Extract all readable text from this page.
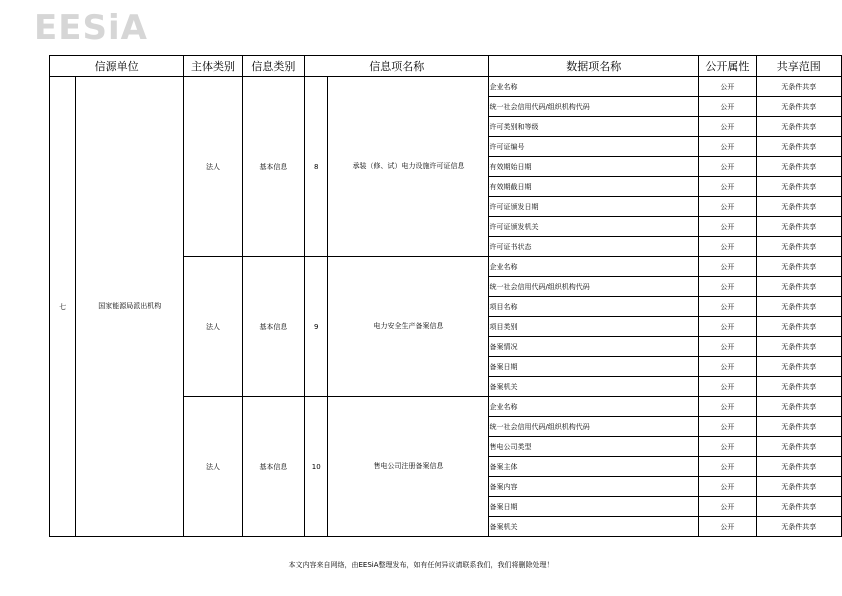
EESiA
信源单位		主体类别	信息类别	信息项名称		数据项名称	公开属性	共享范围
七	国家能源局派出机构	法人	基本信息	8	承装（修、试）电力设施许可证信息	企业名称	公开	无条件共享
						统一社会信用代码/组织机构代码	公开	无条件共享
						许可类别和等级	公开	无条件共享
						许可证编号	公开	无条件共享
						有效期始日期	公开	无条件共享
						有效期截日期	公开	无条件共享
						许可证颁发日期	公开	无条件共享
						许可证颁发机关	公开	无条件共享
						许可证书状态	公开	无条件共享
		法人	基本信息	9	电力安全生产备案信息	企业名称	公开	无条件共享
						统一社会信用代码/组织机构代码	公开	无条件共享
						项目名称	公开	无条件共享
						项目类别	公开	无条件共享
						备案情况	公开	无条件共享
						备案日期	公开	无条件共享
						备案机关	公开	无条件共享
		法人	基本信息	10	售电公司注册备案信息	企业名称	公开	无条件共享
						统一社会信用代码/组织机构代码	公开	无条件共享
						售电公司类型	公开	无条件共享
						备案主体	公开	无条件共享
						备案内容	公开	无条件共享
						备案日期	公开	无条件共享
						备案机关	公开	无条件共享
本文内容来自网络，由EESiA整理发布，如有任何异议请联系我们，我们将删除处理！
